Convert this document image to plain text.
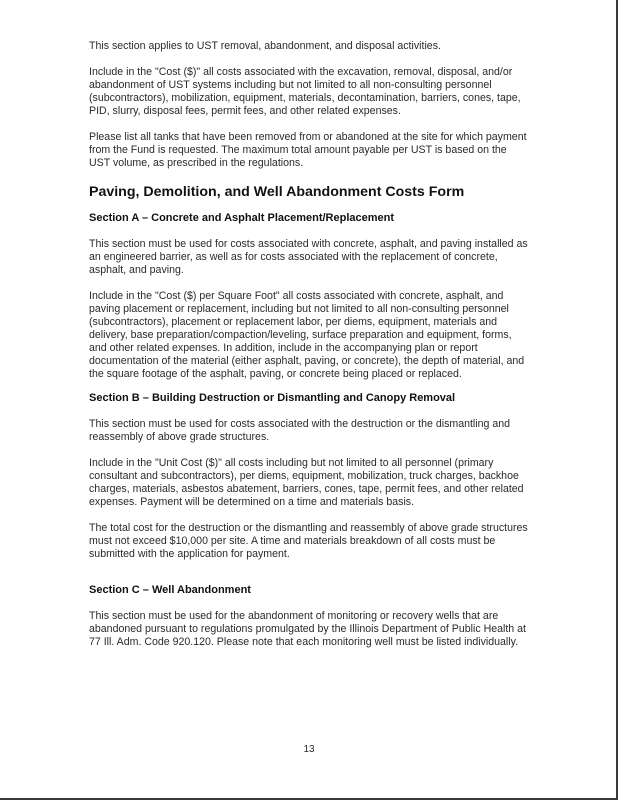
This section applies to UST removal, abandonment, and disposal activities.

Include in the "Cost ($)" all costs associated with the excavation, removal, disposal, and/or abandonment of UST systems including but not limited to all non-consulting personnel (subcontractors), mobilization, equipment, materials, decontamination, barriers, cones, tape, PID, slurry, disposal fees, permit fees, and other related expenses.

Please list all tanks that have been removed from or abandoned at the site for which payment from the Fund is requested. The maximum total amount payable per UST is based on the UST volume, as prescribed in the regulations.

Paving, Demolition, and Well Abandonment Costs Form
Section A – Concrete and Asphalt Placement/Replacement

This section must be used for costs associated with concrete, asphalt, and paving installed as an engineered barrier, as well as for costs associated with the replacement of concrete, asphalt, and paving.

Include in the "Cost ($) per Square Foot" all costs associated with concrete, asphalt, and paving placement or replacement, including but not limited to all non-consulting personnel (subcontractors), placement or replacement labor, per diems, equipment, materials and delivery, base preparation/compaction/leveling, surface preparation and equipment, forms, and other related expenses. In addition, include in the accompanying plan or report documentation of the material (either asphalt, paving, or concrete), the depth of material, and the square footage of the asphalt, paving, or concrete being placed or replaced.

Section B – Building Destruction or Dismantling and Canopy Removal

This section must be used for costs associated with the destruction or the dismantling and reassembly of above grade structures.

Include in the "Unit Cost ($)" all costs including but not limited to all personnel (primary consultant and subcontractors), per diems, equipment, mobilization, truck charges, backhoe charges, materials, asbestos abatement, barriers, cones, tape, permit fees, and other related expenses. Payment will be determined on a time and materials basis.

The total cost for the destruction or the dismantling and reassembly of above grade structures must not exceed $10,000 per site. A time and materials breakdown of all costs must be submitted with the application for payment.

Section C – Well Abandonment

This section must be used for the abandonment of monitoring or recovery wells that are abandoned pursuant to regulations promulgated by the Illinois Department of Public Health at 77 Ill. Adm. Code 920.120. Please note that each monitoring well must be listed individually.

13
